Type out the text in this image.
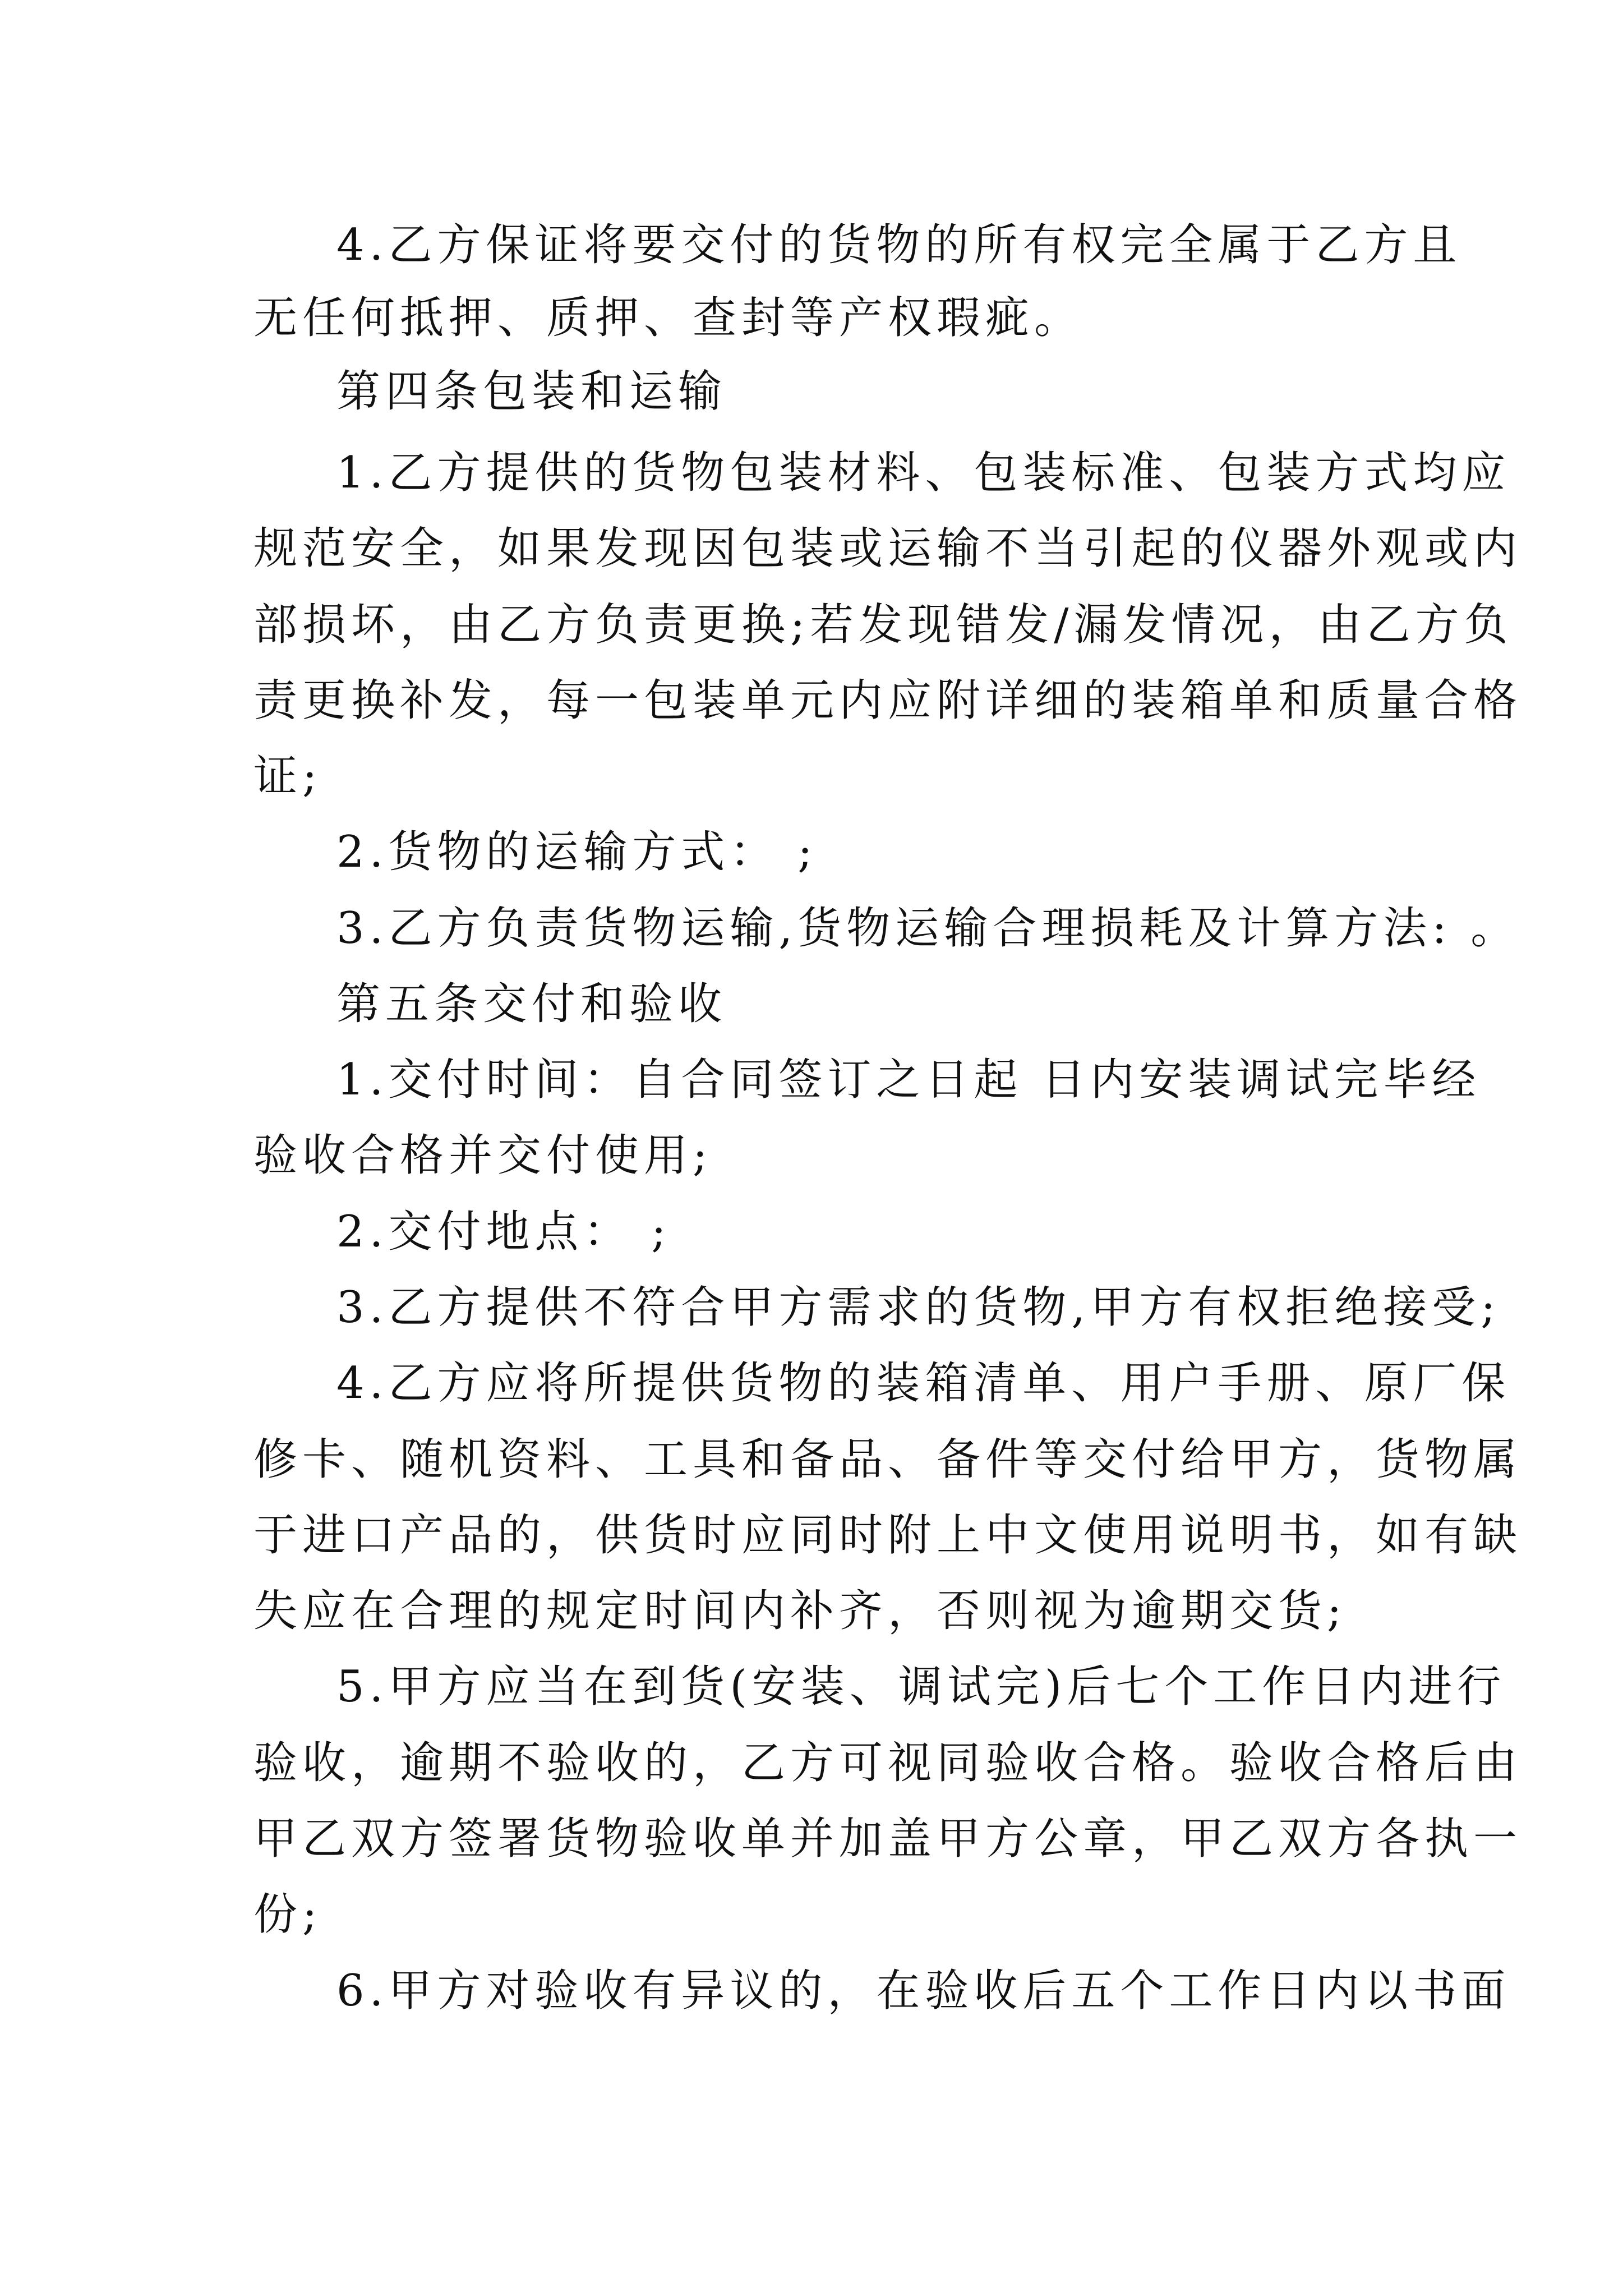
4.乙方保证将要交付的货物的所有权完全属于乙方且
无任何抵押、质押、查封等产权瑕疵。
第四条包装和运输
1.乙方提供的货物包装材料、包装标准、包装方式均应
规范安全，如果发现因包装或运输不当引起的仪器外观或内
部损坏，由乙方负责更换;若发现错发/漏发情况，由乙方负
责更换补发，每一包装单元内应附详细的装箱单和质量合格
证;
2.货物的运输方式： ;
3.乙方负责货物运输,货物运输合理损耗及计算方法: 。
第五条交付和验收
1.交付时间：自合同签订之日起 日内安装调试完毕经
验收合格并交付使用;
2.交付地点： ;
3.乙方提供不符合甲方需求的货物,甲方有权拒绝接受;
4.乙方应将所提供货物的装箱清单、用户手册、原厂保
修卡、随机资料、工具和备品、备件等交付给甲方，货物属
于进口产品的，供货时应同时附上中文使用说明书，如有缺
失应在合理的规定时间内补齐，否则视为逾期交货;
5.甲方应当在到货(安装、调试完)后七个工作日内进行
验收，逾期不验收的，乙方可视同验收合格。验收合格后由
甲乙双方签署货物验收单并加盖甲方公章，甲乙双方各执一
份;
6.甲方对验收有异议的，在验收后五个工作日内以书面
